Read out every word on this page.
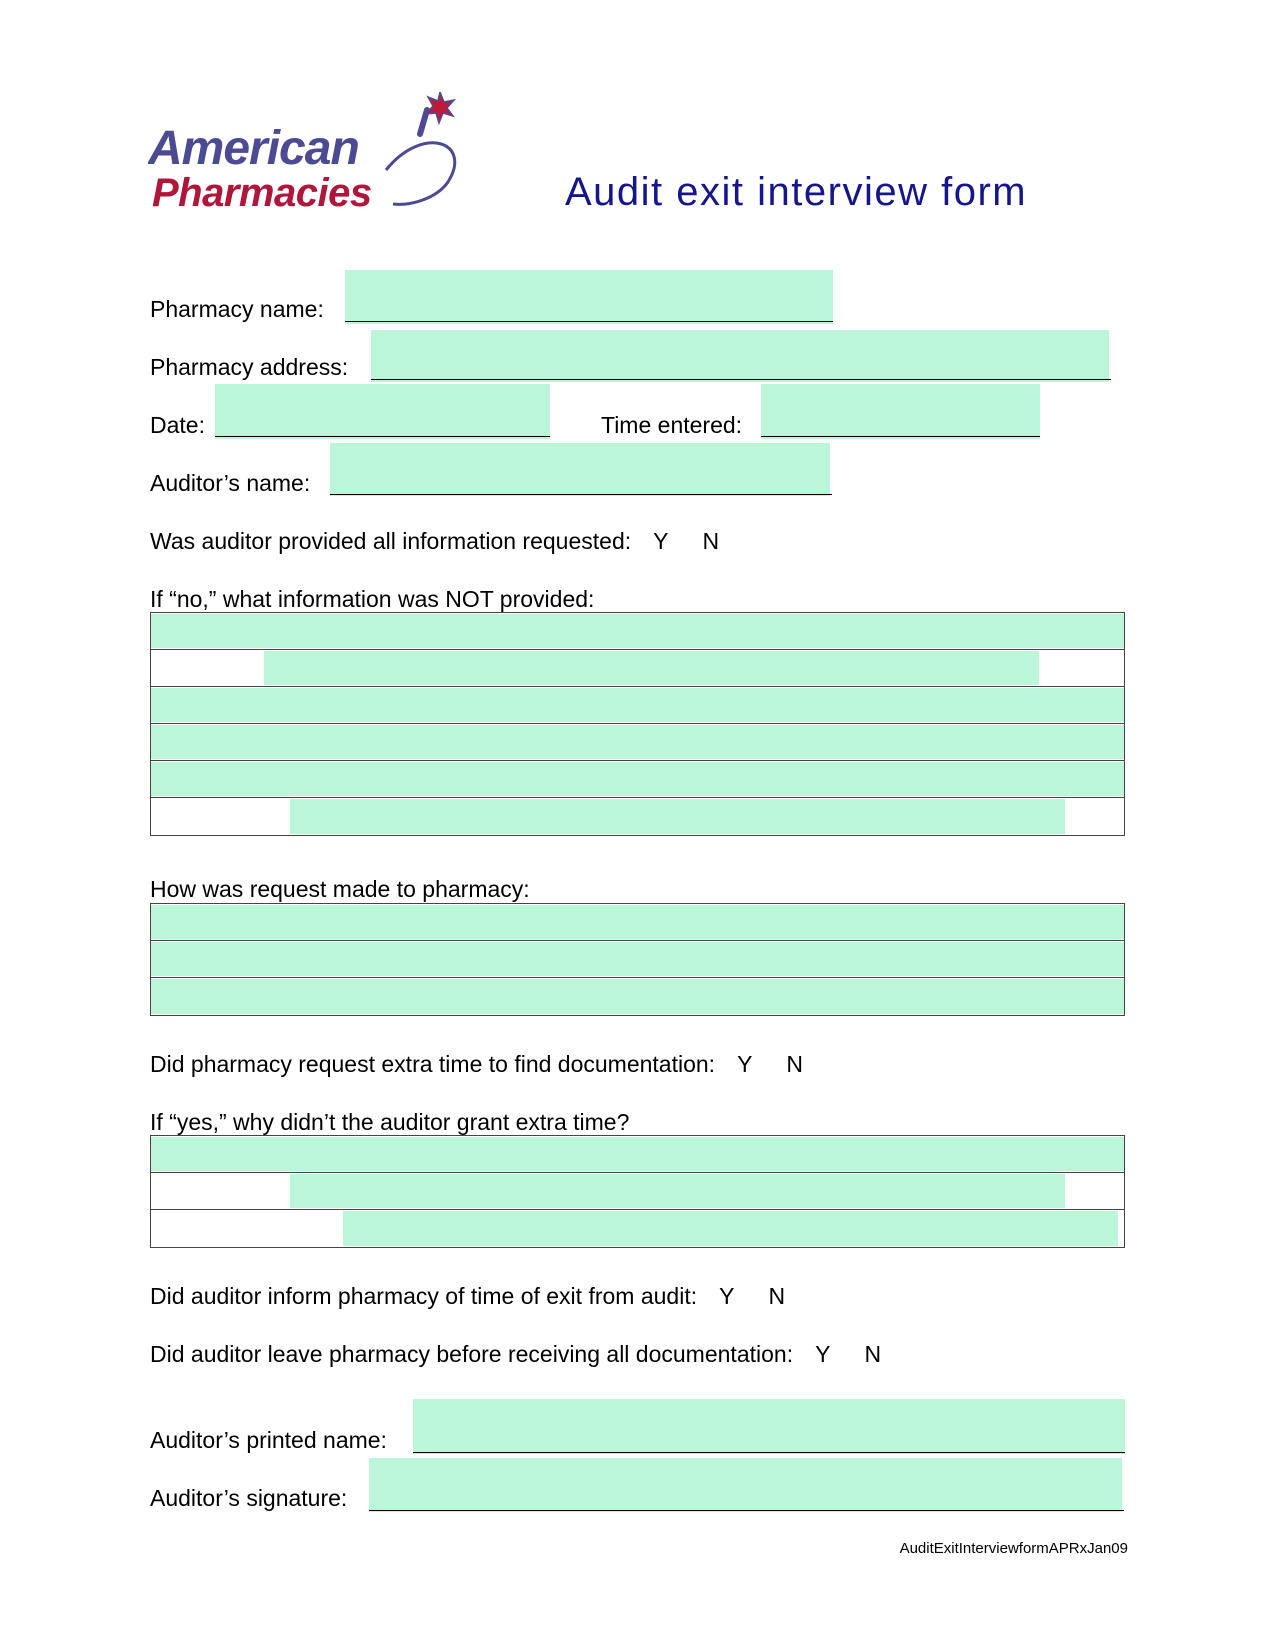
American
Pharmacies	Audit exit interview form
Pharmacy name:
Pharmacy address:
Date:	Time entered:
Auditor’s name:
Was auditor provided all information requested: Y N
If “no,” what information was NOT provided:
How was request made to pharmacy:
Did pharmacy request extra time to find documentation: Y N
If “yes,” why didn’t the auditor grant extra time?
Did auditor inform pharmacy of time of exit from audit: Y N
Did auditor leave pharmacy before receiving all documentation: Y N
Auditor’s printed name:
Auditor’s signature:
AuditExitInterviewformAPRxJan09
